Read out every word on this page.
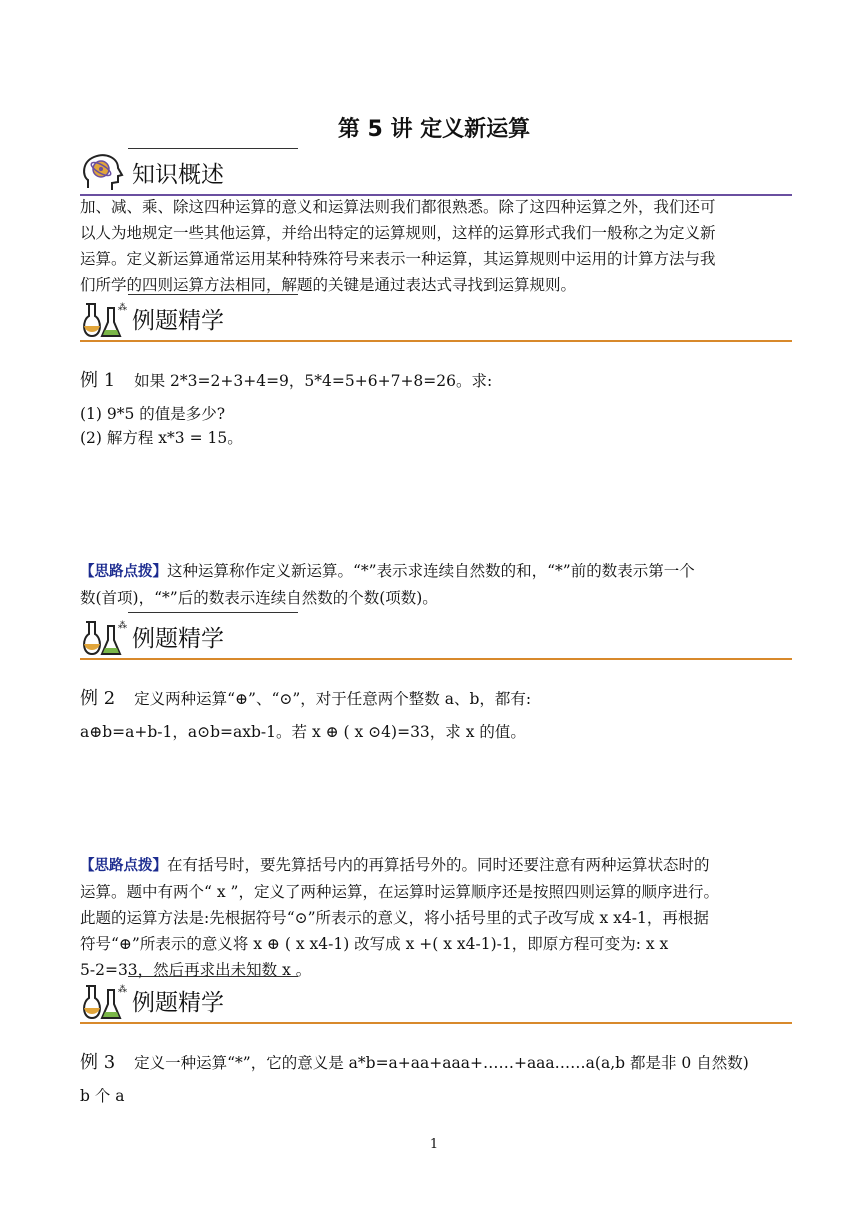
第 5 讲 定义新运算
知识概述
加、减、乘、除这四种运算的意义和运算法则我们都很熟悉。除了这四种运算之外，我们还可
以人为地规定一些其他运算，并给出特定的运算规则，这样的运算形式我们一般称之为定义新
运算。定义新运算通常运用某种特殊符号来表示一种运算，其运算规则中运用的计算方法与我
们所学的四则运算方法相同，解题的关键是通过表达式寻找到运算规则。
⁂ 例题精学
例 1 如果 2*3=2+3+4=9，5*4=5+6+7+8=26。求:
(1) 9*5 的值是多少?
(2) 解方程 x*3 = 15。
【思路点拨】这种运算称作定义新运算。“*”表示求连续自然数的和，“*”前的数表示第一个
数(首项)，“*”后的数表示连续自然数的个数(项数)。
⁂ 例题精学
例 2 定义两种运算“⊕”、“⊙”，对于任意两个整数 a、b，都有:
a⊕b=a+b-1，a⊙b=axb-1。若 x ⊕ ( x ⊙4)=33，求 x 的值。
【思路点拨】在有括号时，要先算括号内的再算括号外的。同时还要注意有两种运算状态时的
运算。题中有两个“ x ”，定义了两种运算，在运算时运算顺序还是按照四则运算的顺序进行。
此题的运算方法是:先根据符号“⊙”所表示的意义，将小括号里的式子改写成 x x4-1，再根据
符号“⊕”所表示的意义将 x ⊕ ( x x4-1) 改写成 x +( x x4-1)-1，即原方程可变为: x x
5-2=33，然后再求出未知数 x 。
⁂ 例题精学
例 3 定义一种运算“*”，它的意义是 a*b=a+aa+aaa+……+aaa……a(a,b 都是非 0 自然数)
b 个 a
1
